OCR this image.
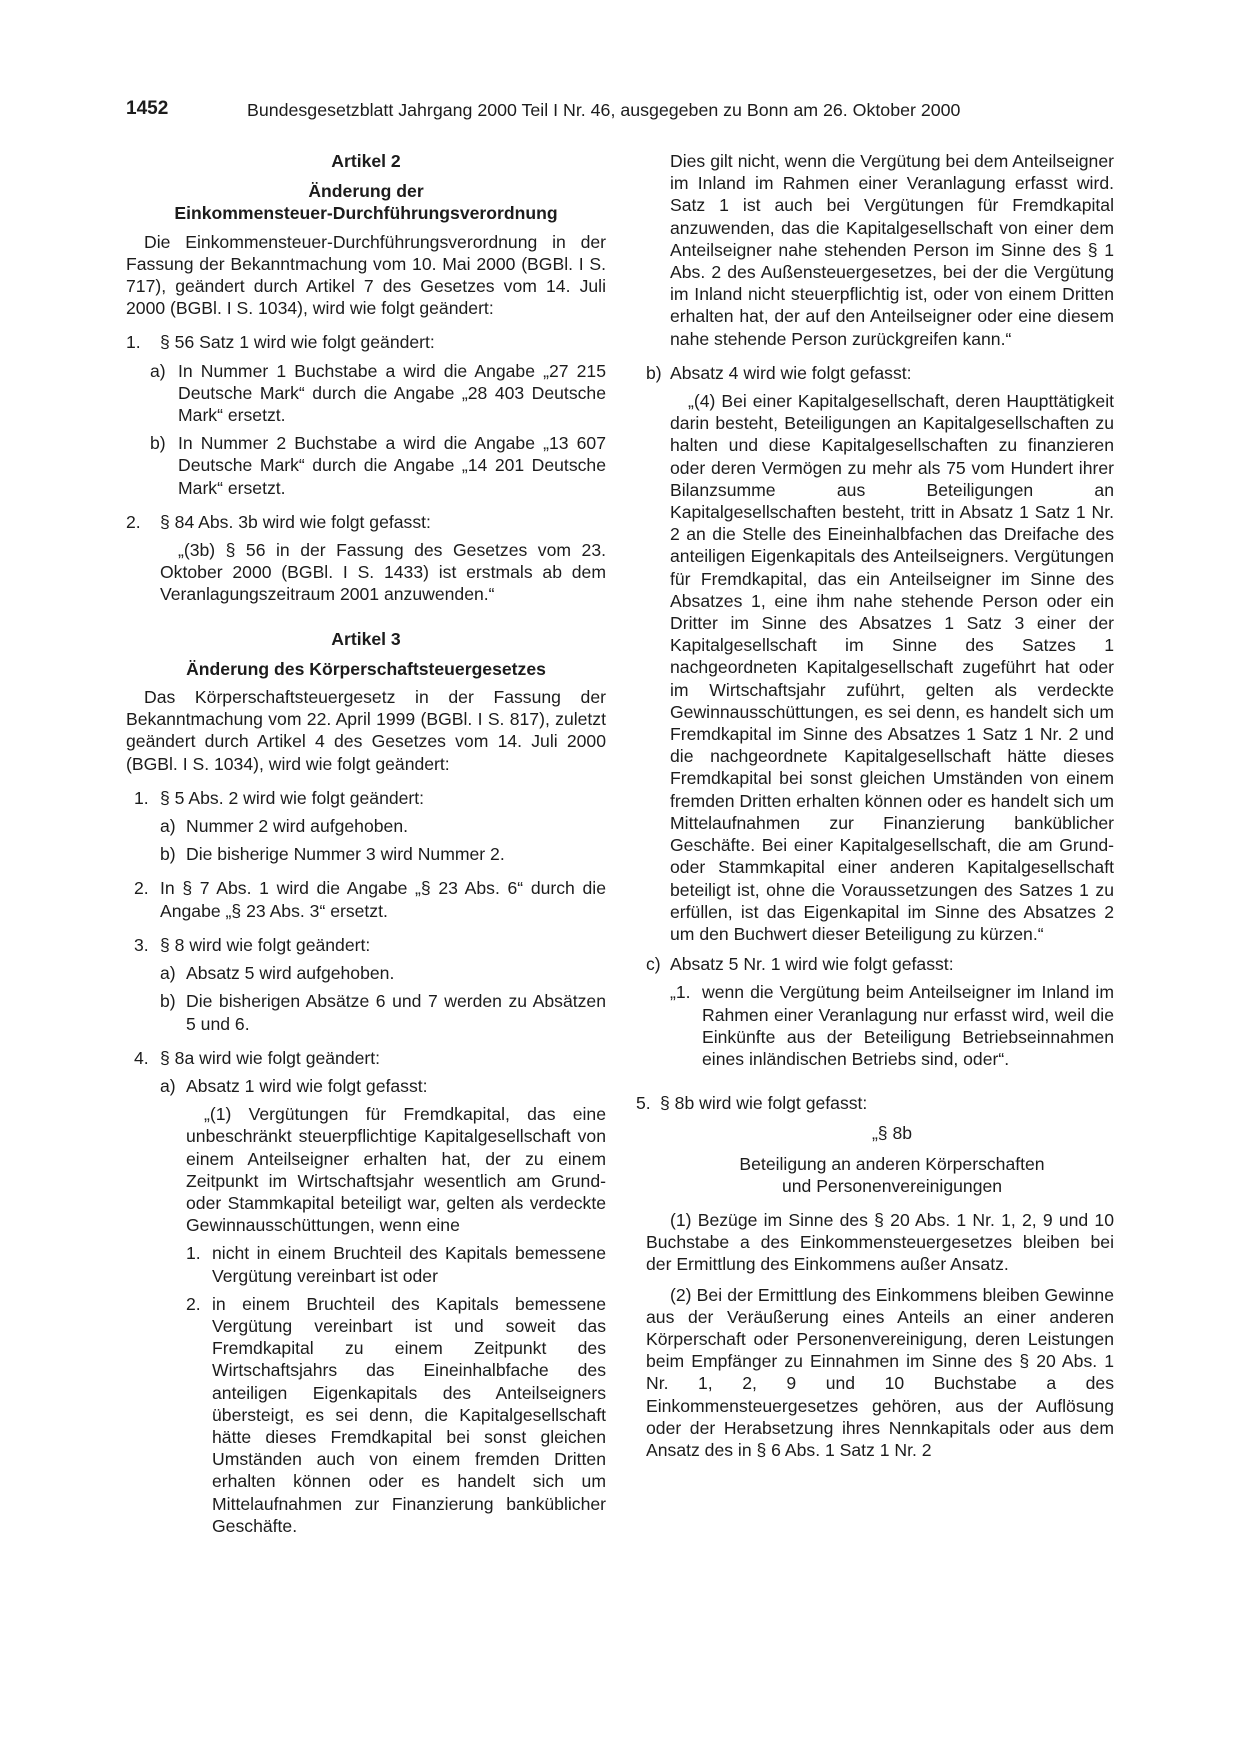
1452	Bundesgesetzblatt Jahrgang 2000 Teil I Nr. 46, ausgegeben zu Bonn am 26. Oktober 2000

Artikel 2

Änderung der

Einkommensteuer-Durchführungsverordnung

Die Einkommensteuer-Durchführungsverordnung in der Fassung der Bekanntmachung vom 10. Mai 2000 (BGBl. I S. 717), geändert durch Artikel 7 des Gesetzes vom 14. Juli 2000 (BGBl. I S. 1034), wird wie folgt geändert:

1.	§ 56 Satz 1 wird wie folgt geändert:
a) In Nummer 1 Buchstabe a wird die Angabe „27 215 Deutsche Mark“ durch die Angabe „28 403 Deutsche Mark“ ersetzt.
b) In Nummer 2 Buchstabe a wird die Angabe „13 607 Deutsche Mark“ durch die Angabe „14 201 Deutsche Mark“ ersetzt.
2.	§ 84 Abs. 3b wird wie folgt gefasst:

„(3b) § 56 in der Fassung des Gesetzes vom 23. Oktober 2000 (BGBl. I S. 1433) ist erstmals ab dem Veranlagungszeitraum 2001 anzuwenden.“

Artikel 3

Änderung des Körperschaftsteuergesetzes

Das Körperschaftsteuergesetz in der Fassung der Bekanntmachung vom 22. April 1999 (BGBl. I S. 817), zuletzt geändert durch Artikel 4 des Gesetzes vom 14. Juli 2000 (BGBl. I S. 1034), wird wie folgt geändert:

1. § 5 Abs. 2 wird wie folgt geändert:
a) Nummer 2 wird aufgehoben.
b) Die bisherige Nummer 3 wird Nummer 2.
2. In § 7 Abs. 1 wird die Angabe „§ 23 Abs. 6“ durch die Angabe „§ 23 Abs. 3“ ersetzt.
3. § 8 wird wie folgt geändert:
a) Absatz 5 wird aufgehoben.
b) Die bisherigen Absätze 6 und 7 werden zu Absätzen 5 und 6.
4. § 8a wird wie folgt geändert:
a) Absatz 1 wird wie folgt gefasst:

„(1) Vergütungen für Fremdkapital, das eine unbeschränkt steuerpflichtige Kapitalgesellschaft von einem Anteilseigner erhalten hat, der zu einem Zeitpunkt im Wirtschaftsjahr wesentlich am Grund- oder Stammkapital beteiligt war, gelten als verdeckte Gewinnausschüttungen, wenn eine

1. nicht in einem Bruchteil des Kapitals bemessene Vergütung vereinbart ist oder
2. in einem Bruchteil des Kapitals bemessene Vergütung vereinbart ist und soweit das Fremdkapital zu einem Zeitpunkt des Wirtschaftsjahrs das Eineinhalbfache des anteiligen Eigenkapitals des Anteilseigners übersteigt, es sei denn, die Kapitalgesellschaft hätte dieses Fremdkapital bei sonst gleichen Umständen auch von einem fremden Dritten erhalten können oder es handelt sich um Mittelaufnahmen zur Finanzierung banküblicher Geschäfte.

Dies gilt nicht, wenn die Vergütung bei dem Anteilseigner im Inland im Rahmen einer Veranlagung erfasst wird. Satz 1 ist auch bei Vergütungen für Fremdkapital anzuwenden, das die Kapitalgesellschaft von einer dem Anteilseigner nahe stehenden Person im Sinne des § 1 Abs. 2 des Außensteuergesetzes, bei der die Vergütung im Inland nicht steuerpflichtig ist, oder von einem Dritten erhalten hat, der auf den Anteilseigner oder eine diesem nahe stehende Person zurückgreifen kann.“

b) Absatz 4 wird wie folgt gefasst:

„(4) Bei einer Kapitalgesellschaft, deren Haupttätigkeit darin besteht, Beteiligungen an Kapitalgesellschaften zu halten und diese Kapitalgesellschaften zu finanzieren oder deren Vermögen zu mehr als 75 vom Hundert ihrer Bilanzsumme aus Beteiligungen an Kapitalgesellschaften besteht, tritt in Absatz 1 Satz 1 Nr. 2 an die Stelle des Eineinhalbfachen das Dreifache des anteiligen Eigenkapitals des Anteilseigners. Vergütungen für Fremdkapital, das ein Anteilseigner im Sinne des Absatzes 1, eine ihm nahe stehende Person oder ein Dritter im Sinne des Absatzes 1 Satz 3 einer der Kapitalgesellschaft im Sinne des Satzes 1 nachgeordneten Kapitalgesellschaft zugeführt hat oder im Wirtschaftsjahr zuführt, gelten als verdeckte Gewinnausschüttungen, es sei denn, es handelt sich um Fremdkapital im Sinne des Absatzes 1 Satz 1 Nr. 2 und die nachgeordnete Kapitalgesellschaft hätte dieses Fremdkapital bei sonst gleichen Umständen von einem fremden Dritten erhalten können oder es handelt sich um Mittelaufnahmen zur Finanzierung banküblicher Geschäfte. Bei einer Kapitalgesellschaft, die am Grund- oder Stammkapital einer anderen Kapitalgesellschaft beteiligt ist, ohne die Voraussetzungen des Satzes 1 zu erfüllen, ist das Eigenkapital im Sinne des Absatzes 2 um den Buchwert dieser Beteiligung zu kürzen.“

c) Absatz 5 Nr. 1 wird wie folgt gefasst:
„1. wenn die Vergütung beim Anteilseigner im Inland im Rahmen einer Veranlagung nur erfasst wird, weil die Einkünfte aus der Beteiligung Betriebseinnahmen eines inländischen Betriebs sind, oder“.
5. § 8b wird wie folgt gefasst:

„§ 8b

Beteiligung an anderen Körperschaften

und Personenvereinigungen

(1) Bezüge im Sinne des § 20 Abs. 1 Nr. 1, 2, 9 und 10 Buchstabe a des Einkommensteuergesetzes bleiben bei der Ermittlung des Einkommens außer Ansatz.

(2) Bei der Ermittlung des Einkommens bleiben Gewinne aus der Veräußerung eines Anteils an einer anderen Körperschaft oder Personenvereinigung, deren Leistungen beim Empfänger zu Einnahmen im Sinne des § 20 Abs. 1 Nr. 1, 2, 9 und 10 Buchstabe a des Einkommensteuergesetzes gehören, aus der Auflösung oder der Herabsetzung ihres Nennkapitals oder aus dem Ansatz des in § 6 Abs. 1 Satz 1 Nr. 2
